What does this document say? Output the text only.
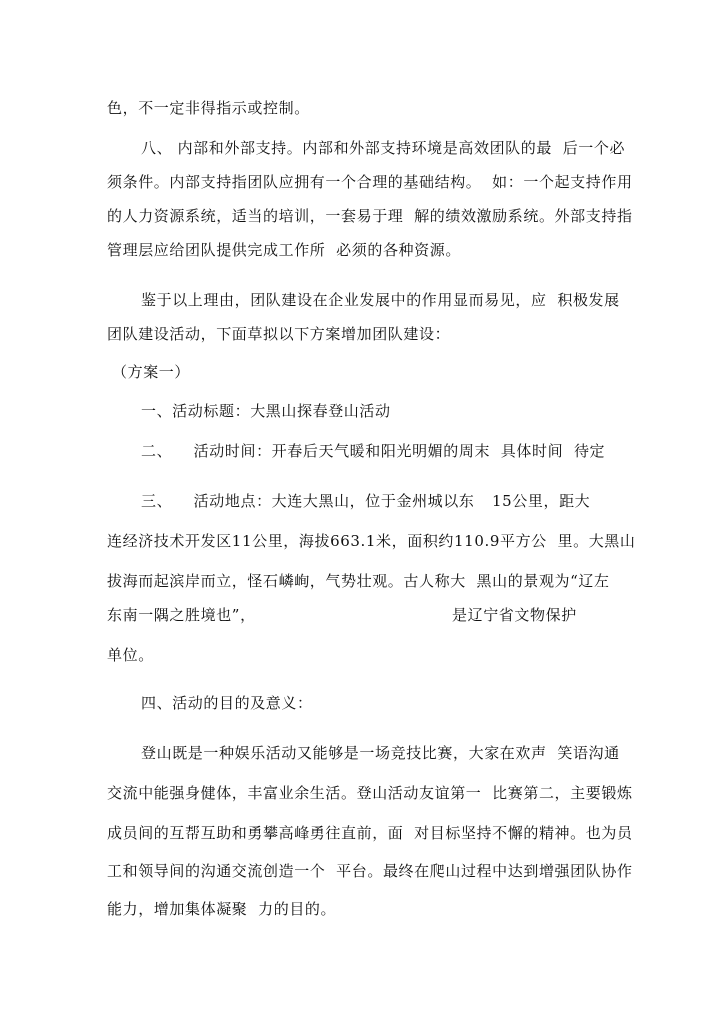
色，不一定非得指示或控制。
八、 内部和外部支持。内部和外部支持环境是高效团队的最  后一个必
须条件。内部支持指团队应拥有一个合理的基础结构。  如：一个起支持作用
的人力资源系统，适当的培训，一套易于理  解的绩效激励系统。外部支持指
管理层应给团队提供完成工作所  必须的各种资源。
鉴于以上理由，团队建设在企业发展中的作用显而易见，应  积极发展
团队建设活动，下面草拟以下方案增加团队建设：
（方案一）
一、活动标题：大黑山探春登山活动
二、    活动时间：开春后天气暖和阳光明媚的周末  具体时间  待定
三、    活动地点：大连大黑山，位于金州城以东 15公里，距大
连经济技术开发区11公里，海拔663.1米，面积约110.9平方公  里。大黑山
拔海而起滨岸而立，怪石嶙峋，气势壮观。古人称大  黑山的景观为“辽左
东南一隅之胜境也”，	是辽宁省文物保护
单位。
四、活动的目的及意义：
登山既是一种娱乐活动又能够是一场竞技比赛，大家在欢声  笑语沟通
交流中能强身健体，丰富业余生活。登山活动友谊第一  比赛第二，主要锻炼
成员间的互帮互助和勇攀高峰勇往直前，面  对目标坚持不懈的精神。也为员
工和领导间的沟通交流创造一个  平台。最终在爬山过程中达到增强团队协作
能力，增加集体凝聚  力的目的。
